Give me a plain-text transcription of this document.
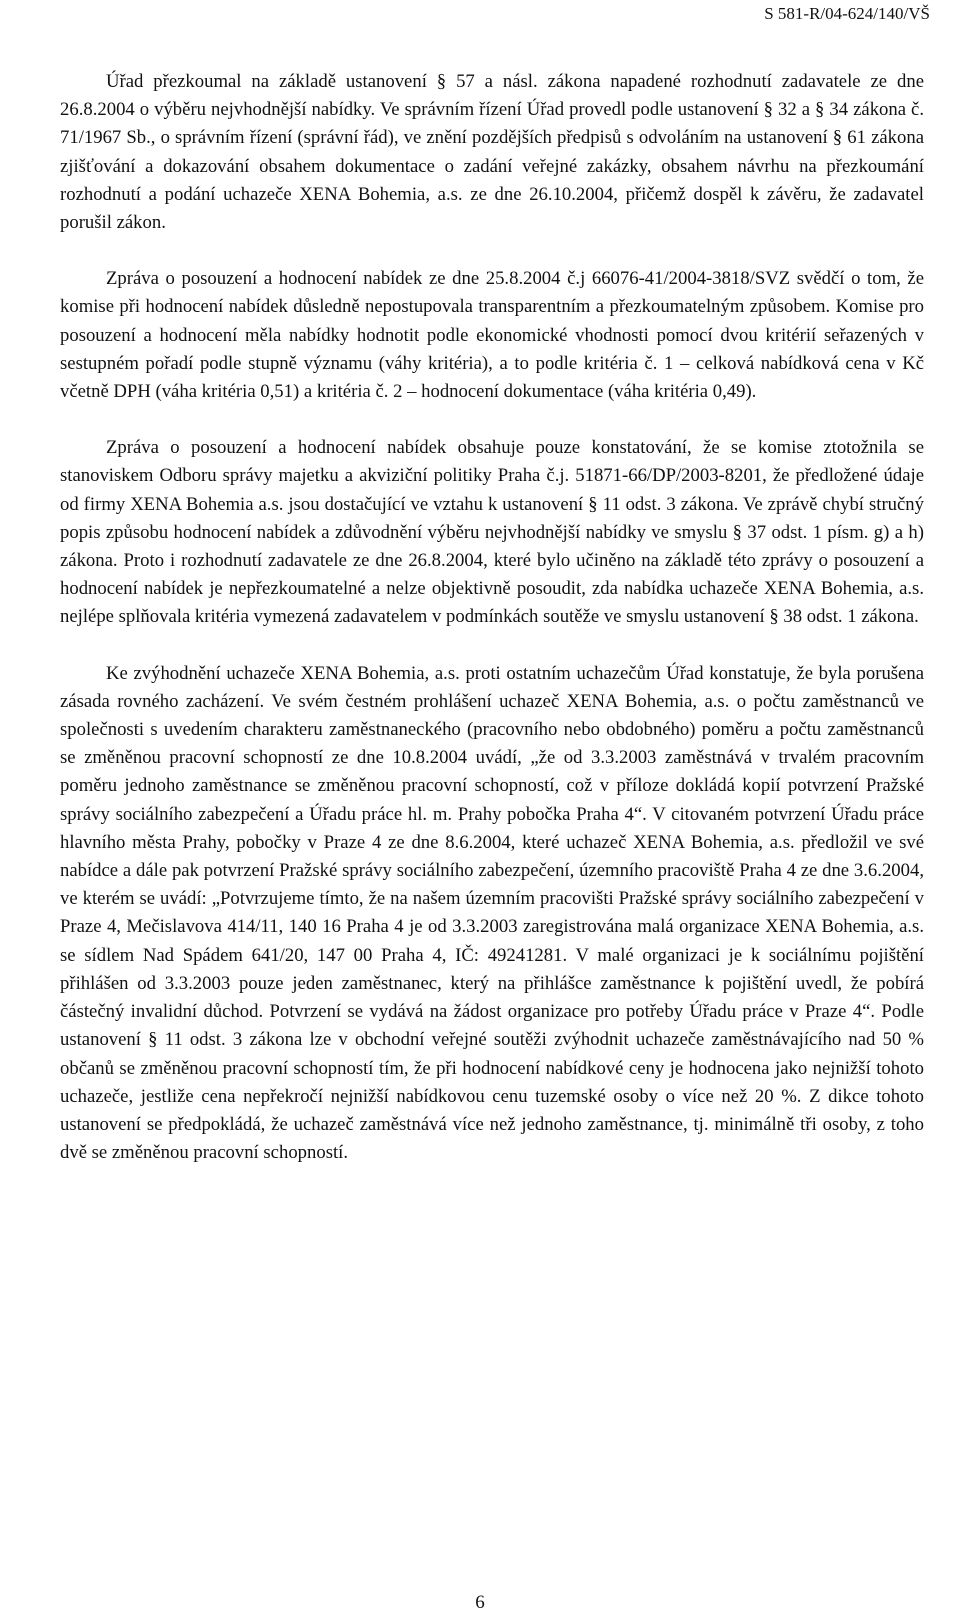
S 581-R/04-624/140/VŠ

Úřad přezkoumal na základě ustanovení § 57 a násl. zákona napadené rozhodnutí zadavatele ze dne 26.8.2004 o výběru nejvhodnější nabídky. Ve správním řízení Úřad provedl podle ustanovení § 32 a § 34 zákona č. 71/1967 Sb., o správním řízení (správní řád), ve znění pozdějších předpisů s odvoláním na ustanovení § 61 zákona zjišťování a dokazování obsahem dokumentace o zadání veřejné zakázky, obsahem návrhu na přezkoumání rozhodnutí a podání uchazeče XENA Bohemia, a.s. ze dne 26.10.2004, přičemž dospěl k závěru, že zadavatel porušil zákon.

Zpráva o posouzení a hodnocení nabídek ze dne 25.8.2004 č.j 66076-41/2004-3818/SVZ svědčí o tom, že komise při hodnocení nabídek důsledně nepostupovala transparentním a přezkoumatelným způsobem. Komise pro posouzení a hodnocení měla nabídky hodnotit podle ekonomické vhodnosti pomocí dvou kritérií seřazených v sestupném pořadí podle stupně významu (váhy kritéria), a to podle kritéria č. 1 – celková nabídková cena v Kč včetně DPH (váha kritéria 0,51) a kritéria č. 2 – hodnocení dokumentace (váha kritéria 0,49).

Zpráva o posouzení a hodnocení nabídek obsahuje pouze konstatování, že se komise ztotožnila se stanoviskem Odboru správy majetku a akviziční politiky Praha č.j. 51871-66/DP/2003-8201, že předložené údaje od firmy XENA Bohemia a.s. jsou dostačující ve vztahu k ustanovení § 11 odst. 3 zákona. Ve zprávě chybí stručný popis způsobu hodnocení nabídek a zdůvodnění výběru nejvhodnější nabídky ve smyslu § 37 odst. 1 písm. g) a h) zákona. Proto i rozhodnutí zadavatele ze dne 26.8.2004, které bylo učiněno na základě této zprávy o posouzení a hodnocení nabídek je nepřezkoumatelné a nelze objektivně posoudit, zda nabídka uchazeče XENA Bohemia, a.s. nejlépe splňovala kritéria vymezená zadavatelem v podmínkách soutěže ve smyslu ustanovení § 38 odst. 1 zákona.

Ke zvýhodnění uchazeče XENA Bohemia, a.s. proti ostatním uchazečům Úřad konstatuje, že byla porušena zásada rovného zacházení. Ve svém čestném prohlášení uchazeč XENA Bohemia, a.s. o počtu zaměstnanců ve společnosti s uvedením charakteru zaměstnaneckého (pracovního nebo obdobného) poměru a počtu zaměstnanců se změněnou pracovní schopností ze dne 10.8.2004 uvádí, „že od 3.3.2003 zaměstnává v trvalém pracovním poměru jednoho zaměstnance se změněnou pracovní schopností, což v příloze dokládá kopií potvrzení Pražské správy sociálního zabezpečení a Úřadu práce hl. m. Prahy pobočka Praha 4“. V citovaném potvrzení Úřadu práce hlavního města Prahy, pobočky v Praze 4 ze dne 8.6.2004, které uchazeč XENA Bohemia, a.s. předložil ve své nabídce a dále pak potvrzení Pražské správy sociálního zabezpečení, územního pracoviště Praha 4 ze dne 3.6.2004, ve kterém se uvádí: „Potvrzujeme tímto, že na našem územním pracovišti Pražské správy sociálního zabezpečení v Praze 4, Mečislavova 414/11, 140 16 Praha 4 je od 3.3.2003 zaregistrována malá organizace XENA Bohemia, a.s. se sídlem Nad Spádem 641/20, 147 00 Praha 4, IČ: 49241281. V malé organizaci je k sociálnímu pojištění přihlášen od 3.3.2003 pouze jeden zaměstnanec, který na přihlášce zaměstnance k pojištění uvedl, že pobírá částečný invalidní důchod. Potvrzení se vydává na žádost organizace pro potřeby Úřadu práce v Praze 4“. Podle ustanovení § 11 odst. 3 zákona lze v obchodní veřejné soutěži zvýhodnit uchazeče zaměstnávajícího nad 50 % občanů se změněnou pracovní schopností tím, že při hodnocení nabídkové ceny je hodnocena jako nejnižší tohoto uchazeče, jestliže cena nepřekročí nejnižší nabídkovou cenu tuzemské osoby o více než 20 %. Z dikce tohoto ustanovení se předpokládá, že uchazeč zaměstnává více než jednoho zaměstnance, tj. minimálně tři osoby, z toho dvě se změněnou pracovní schopností.

6
